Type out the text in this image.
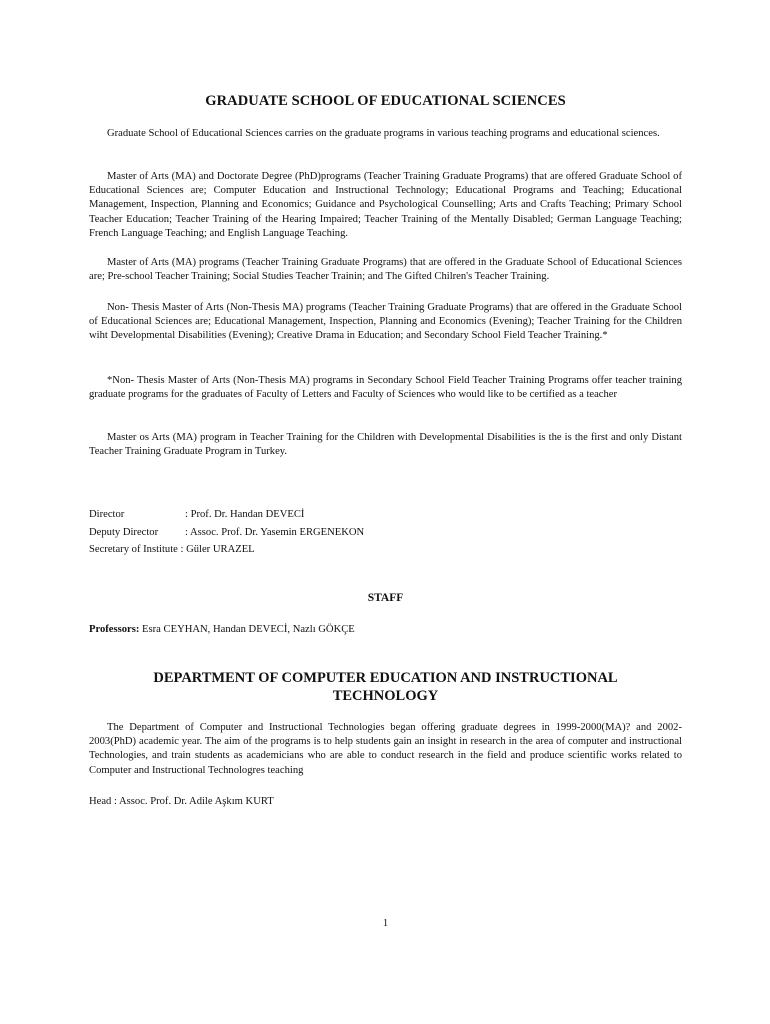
GRADUATE SCHOOL OF EDUCATIONAL SCIENCES

Graduate School of Educational Sciences carries on the graduate programs in various teaching programs and educational sciences.

Master of Arts (MA) and Doctorate Degree (PhD)programs (Teacher Training Graduate Programs) that are offered Graduate School of Educational Sciences are; Computer Education and Instructional Technology; Educational Programs and Teaching; Educational Management, Inspection, Planning and Economics; Guidance and Psychological Counselling; Arts and Crafts Teaching; Primary School Teacher Education; Teacher Training of the Hearing Impaired; Teacher Training of the Mentally Disabled; German Language Teaching; French Language Teaching; and English Language Teaching.

Master of Arts (MA) programs (Teacher Training Graduate Programs) that are offered in the Graduate School of Educational Sciences are; Pre-school Teacher Training; Social Studies Teacher Trainin; and The Gifted Chilren's Teacher Training.

Non- Thesis Master of Arts (Non-Thesis MA) programs (Teacher Training Graduate Programs) that are offered in the Graduate School of Educational Sciences are; Educational Management, Inspection, Planning and Economics (Evening); Teacher Training for the Children wiht Developmental Disabilities (Evening); Creative Drama in Education; and Secondary School Field Teacher Training.*

*Non- Thesis Master of Arts (Non-Thesis MA) programs in Secondary School Field Teacher Training Programs offer teacher training graduate programs for the graduates of Faculty of Letters and Faculty of Sciences who would like to be certified as a teacher

Master os Arts (MA) program in Teacher Training for the Children with Developmental Disabilities is the is the first and only Distant Teacher Training Graduate Program in Turkey.

Director	: Prof. Dr. Handan DEVECİ
Deputy Director	: Assoc. Prof. Dr. Yasemin ERGENEKON
Secretary of Institute : Güler URAZEL
STAFF
Professors: Esra CEYHAN, Handan DEVECİ, Nazlı GÖKÇE
DEPARTMENT OF COMPUTER EDUCATION AND INSTRUCTIONAL
TECHNOLOGY

The Department of Computer and Instructional Technologies began offering graduate degrees in 1999-2000(MA)? and 2002-2003(PhD) academic year. The aim of the programs is to help students gain an insight in research in the area of computer and instructional Technologies, and train students as academicians who are able to conduct research in the field and produce scientific works related to Computer and Instructional Technologres teaching

Head : Assoc. Prof. Dr. Adile Aşkım KURT
1
